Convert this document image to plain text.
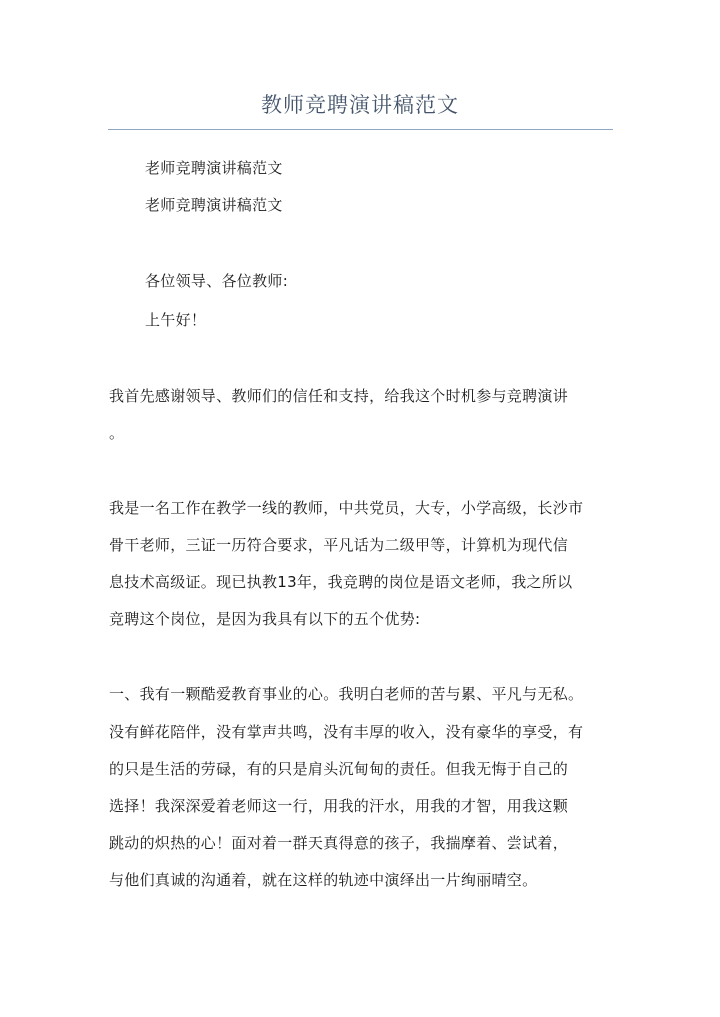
教师竞聘演讲稿范文
老师竞聘演讲稿范文
老师竞聘演讲稿范文
各位领导、各位教师:
上午好！
我首先感谢领导、教师们的信任和支持，给我这个时机参与竞聘演讲
。
我是一名工作在教学一线的教师，中共党员，大专，小学高级，长沙市
骨干老师，三证一历符合要求，平凡话为二级甲等，计算机为现代信
息技术高级证。现已执教13年，我竞聘的岗位是语文老师，我之所以
竞聘这个岗位，是因为我具有以下的五个优势:
一、我有一颗酷爱教育事业的心。我明白老师的苦与累、平凡与无私。
没有鲜花陪伴，没有掌声共鸣，没有丰厚的收入，没有豪华的享受，有
的只是生活的劳碌，有的只是肩头沉甸甸的责任。但我无悔于自己的
选择！我深深爱着老师这一行，用我的汗水，用我的才智，用我这颗
跳动的炽热的心！面对着一群天真得意的孩子，我揣摩着、尝试着，
与他们真诚的沟通着，就在这样的轨迹中演绎出一片绚丽晴空。
